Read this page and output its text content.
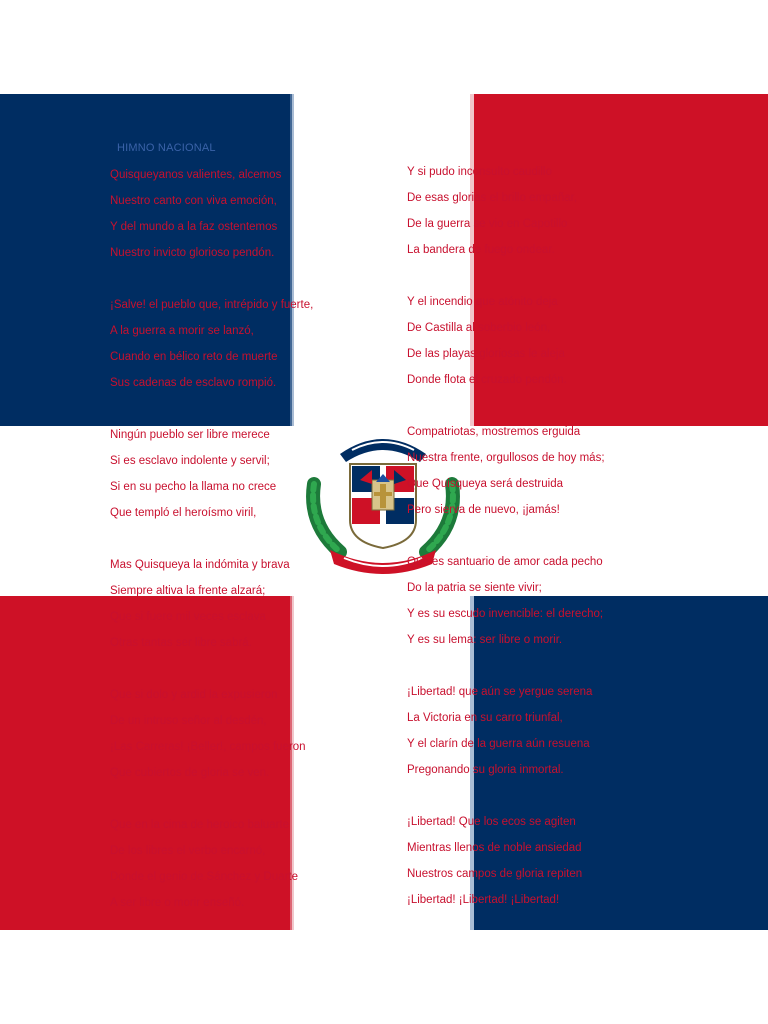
HIMNO NACIONAL
Quisqueyanos valientes, alcemos
Nuestro canto con viva emoción,
Y del mundo a la faz ostentemos
Nuestro invicto glorioso pendón.
¡Salve! el pueblo que, intrépido y fuerte,
A la guerra a morir se lanzó,
Cuando en bélico reto de muerte
Sus cadenas de esclavo rompió.
Ningún pueblo ser libre merece
Si es esclavo indolente y servil;
Si en su pecho la llama no crece
Que templó el heroísmo viril,
Mas Quisqueya la indómita y brava
Siempre altiva la frente alzará;
Que si fuere mil veces esclava
Otras tantas ser libre sabrá.
Que si dolo y ardid la expusieron
De un intruso señor al desdén,
¡Las Carreras! ¡Beller!, campos fueron
Que cubiertos de gloria se ven.
Que en la cima de heroico baluarte
De los libres el verbo encarnó,
Donde el genio de Sánchez y Duarte
A ser libre o morir enseñó.
Y si pudo inconsulto caudillo
De esas glorias el brillo empañar,
De la guerra se vio en Capotillo
La bandera de fuego ondear.
Y el incendio que atónito deja
De Castilla al soberbio león,
De las playas gloriosas le aleja
Donde flota el cruzado pendón.
Compatriotas, mostremos erguida
Nuestra frente, orgullosos de hoy más;
Que Quisqueya será destruida
Pero sierva de nuevo, ¡jamás!
Que es santuario de amor cada pecho
Do la patria se siente vivir;
Y es su escudo invencible: el derecho;
Y es su lema: ser libre o morir.
¡Libertad! que aún se yergue serena
La Victoria en su carro triunfal,
Y el clarín de la guerra aún resuena
Pregonando su gloria inmortal.
¡Libertad! Que los ecos se agiten
Mientras llenos de noble ansiedad
Nuestros campos de gloria repiten
¡Libertad! ¡Libertad! ¡Libertad!
